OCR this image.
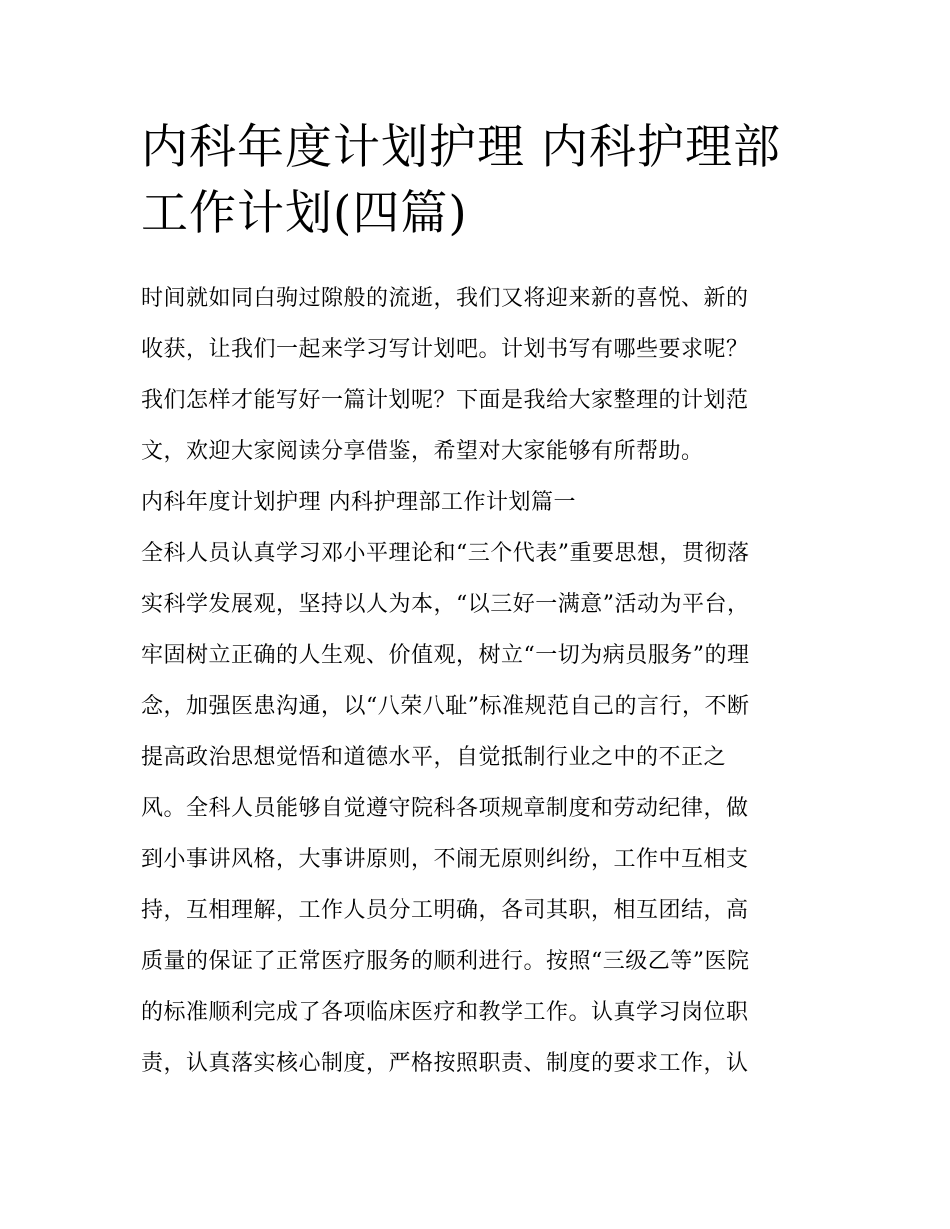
内科年度计划护理 内科护理部
工作计划(四篇)

时间就如同白驹过隙般的流逝，我们又将迎来新的喜悦、新的

收获，让我们一起来学习写计划吧。计划书写有哪些要求呢？

我们怎样才能写好一篇计划呢？下面是我给大家整理的计划范

文，欢迎大家阅读分享借鉴，希望对大家能够有所帮助。

内科年度计划护理 内科护理部工作计划篇一

全科人员认真学习邓小平理论和“三个代表”重要思想，贯彻落

实科学发展观，坚持以人为本，“以三好一满意”活动为平台，

牢固树立正确的人生观、价值观，树立“一切为病员服务”的理

念，加强医患沟通，以“八荣八耻”标准规范自己的言行，不断

提高政治思想觉悟和道德水平，自觉抵制行业之中的不正之

风。全科人员能够自觉遵守院科各项规章制度和劳动纪律，做

到小事讲风格，大事讲原则，不闹无原则纠纷，工作中互相支

持，互相理解，工作人员分工明确，各司其职，相互团结，高

质量的保证了正常医疗服务的顺利进行。按照“三级乙等”医院

的标准顺利完成了各项临床医疗和教学工作。认真学习岗位职

责，认真落实核心制度，严格按照职责、制度的要求工作，认
